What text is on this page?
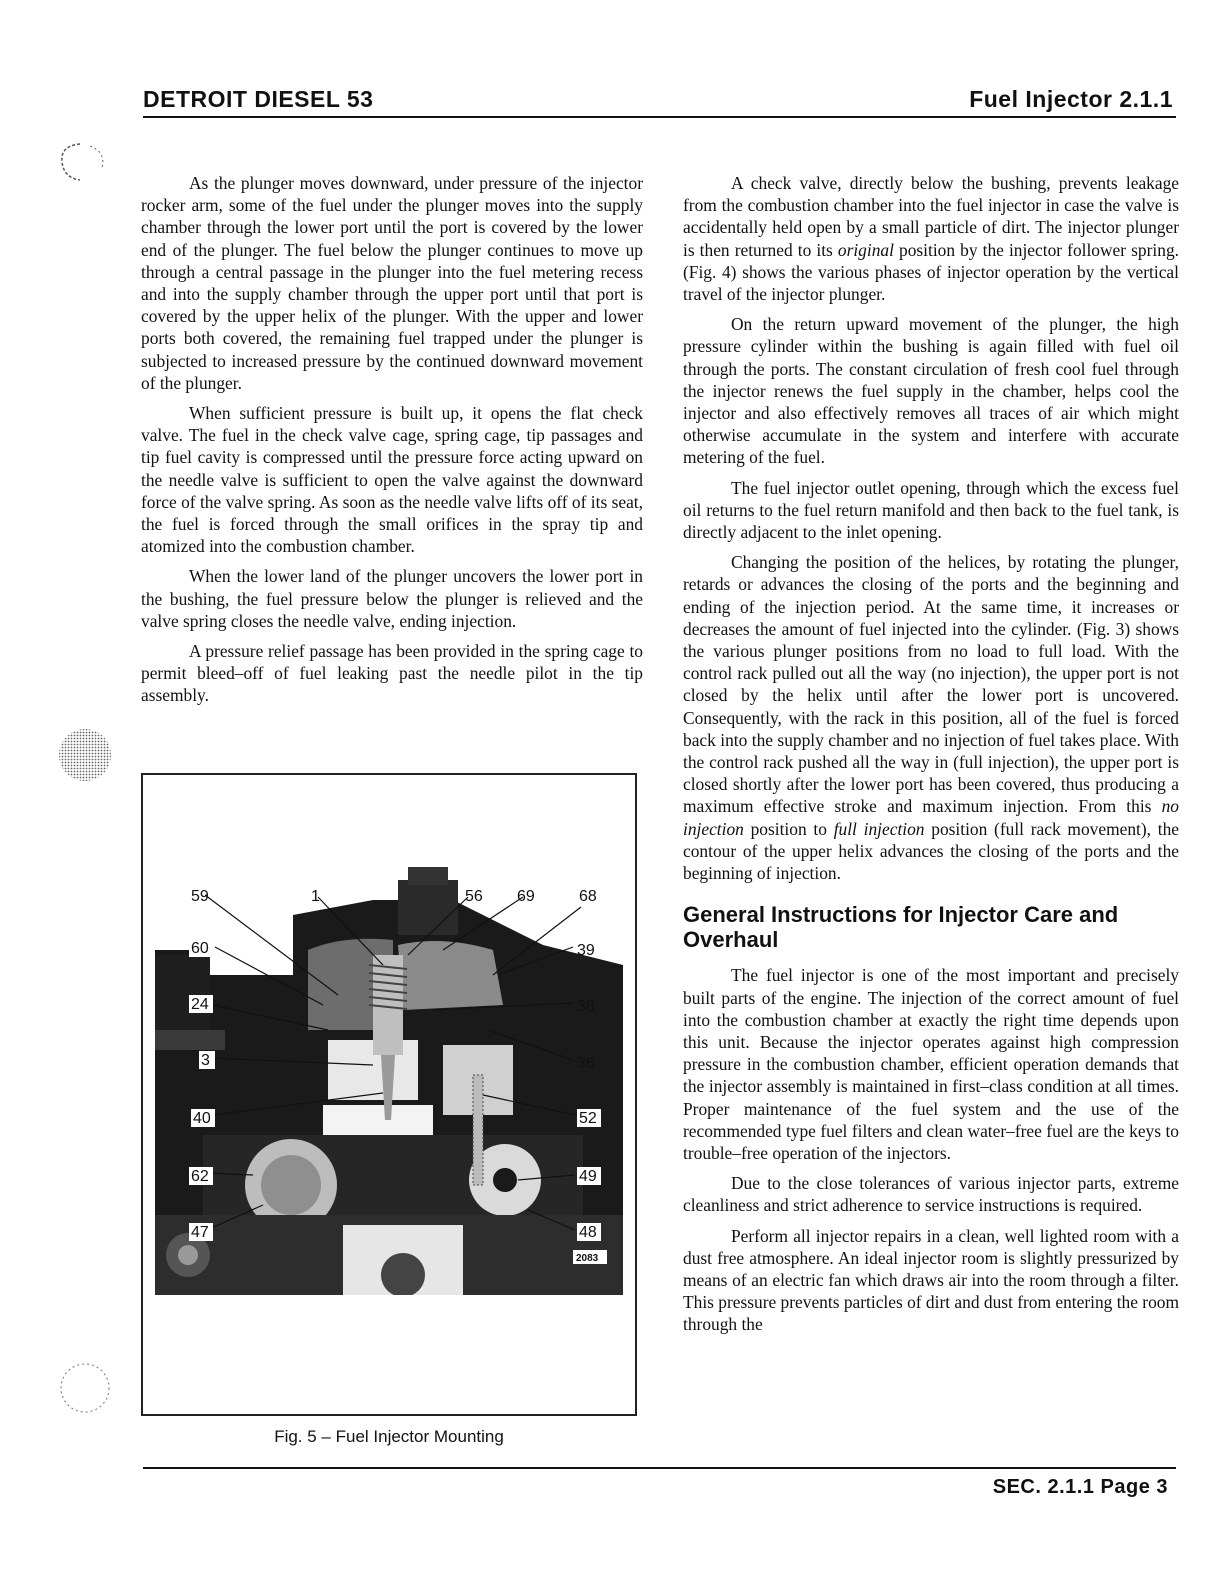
DETROIT DIESEL 53	Fuel Injector 2.1.1

As the plunger moves downward, under pressure of the injector rocker arm, some of the fuel under the plunger moves into the supply chamber through the lower port until the port is covered by the lower end of the plunger. The fuel below the plunger continues to move up through a central passage in the plunger into the fuel metering recess and into the supply chamber through the upper port until that port is covered by the upper helix of the plunger. With the upper and lower ports both covered, the remaining fuel trapped under the plunger is subjected to increased pressure by the continued downward movement of the plunger.

When sufficient pressure is built up, it opens the flat check valve. The fuel in the check valve cage, spring cage, tip passages and tip fuel cavity is compressed until the pressure force acting upward on the needle valve is sufficient to open the valve against the downward force of the valve spring. As soon as the needle valve lifts off of its seat, the fuel is forced through the small orifices in the spray tip and atomized into the combustion chamber.

When the lower land of the plunger uncovers the lower port in the bushing, the fuel pressure below the plunger is relieved and the valve spring closes the needle valve, ending injection.

A pressure relief passage has been provided in the spring cage to permit bleed–off of fuel leaking past the needle pilot in the tip assembly.

59	1	56 69	68
60	39
24	38
3	36
40	52
62	49
47	48
2083
Fig. 5 – Fuel Injector Mounting

A check valve, directly below the bushing, prevents leakage from the combustion chamber into the fuel injector in case the valve is accidentally held open by a small particle of dirt. The injector plunger is then returned to its original position by the injector follower spring. (Fig. 4) shows the various phases of injector operation by the vertical travel of the injector plunger.

On the return upward movement of the plunger, the high pressure cylinder within the bushing is again filled with fuel oil through the ports. The constant circulation of fresh cool fuel through the injector renews the fuel supply in the chamber, helps cool the injector and also effectively removes all traces of air which might otherwise accumulate in the system and interfere with accurate metering of the fuel.

The fuel injector outlet opening, through which the excess fuel oil returns to the fuel return manifold and then back to the fuel tank, is directly adjacent to the inlet opening.

Changing the position of the helices, by rotating the plunger, retards or advances the closing of the ports and the beginning and ending of the injection period. At the same time, it increases or decreases the amount of fuel injected into the cylinder. (Fig. 3) shows the various plunger positions from no load to full load. With the control rack pulled out all the way (no injection), the upper port is not closed by the helix until after the lower port is uncovered. Consequently, with the rack in this position, all of the fuel is forced back into the supply chamber and no injection of fuel takes place. With the control rack pushed all the way in (full injection), the upper port is closed shortly after the lower port has been covered, thus producing a maximum effective stroke and maximum injection. From this no injection position to full injection position (full rack movement), the contour of the upper helix advances the closing of the ports and the beginning of injection.

General Instructions for Injector Care and Overhaul

The fuel injector is one of the most important and precisely built parts of the engine. The injection of the correct amount of fuel into the combustion chamber at exactly the right time depends upon this unit. Because the injector operates against high compression pressure in the combustion chamber, efficient operation demands that the injector assembly is maintained in first–class condition at all times. Proper maintenance of the fuel system and the use of the recommended type fuel filters and clean water–free fuel are the keys to trouble–free operation of the injectors.

Due to the close tolerances of various injector parts, extreme cleanliness and strict adherence to service instructions is required.

Perform all injector repairs in a clean, well lighted room with a dust free atmosphere. An ideal injector room is slightly pressurized by means of an electric fan which draws air into the room through a filter. This pressure prevents particles of dirt and dust from entering the room through the

SEC. 2.1.1 Page 3
